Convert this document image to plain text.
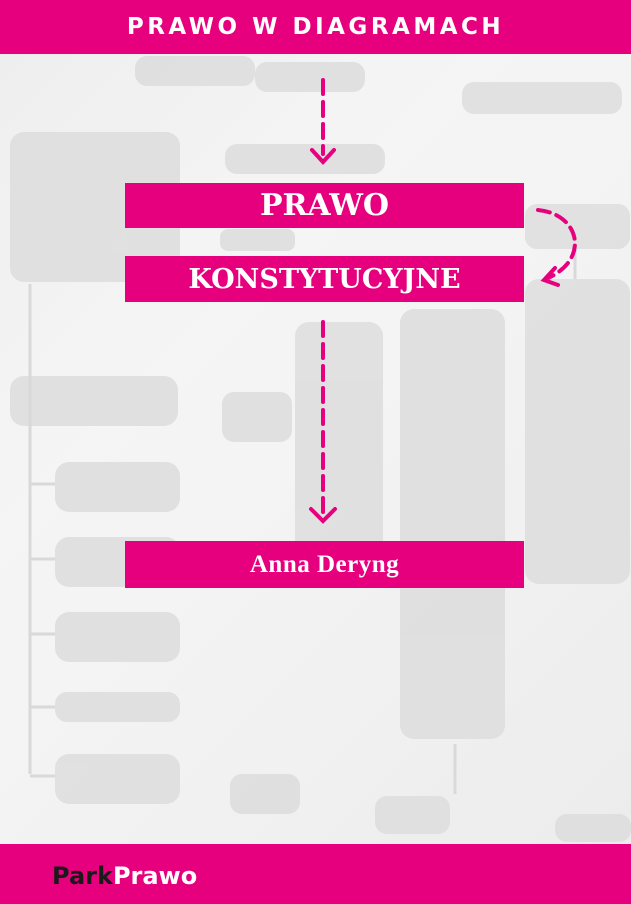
PRAWO W DIAGRAMACH
PRAWO
KONSTYTUCYJNE
Anna Deryng
ParkPrawo
